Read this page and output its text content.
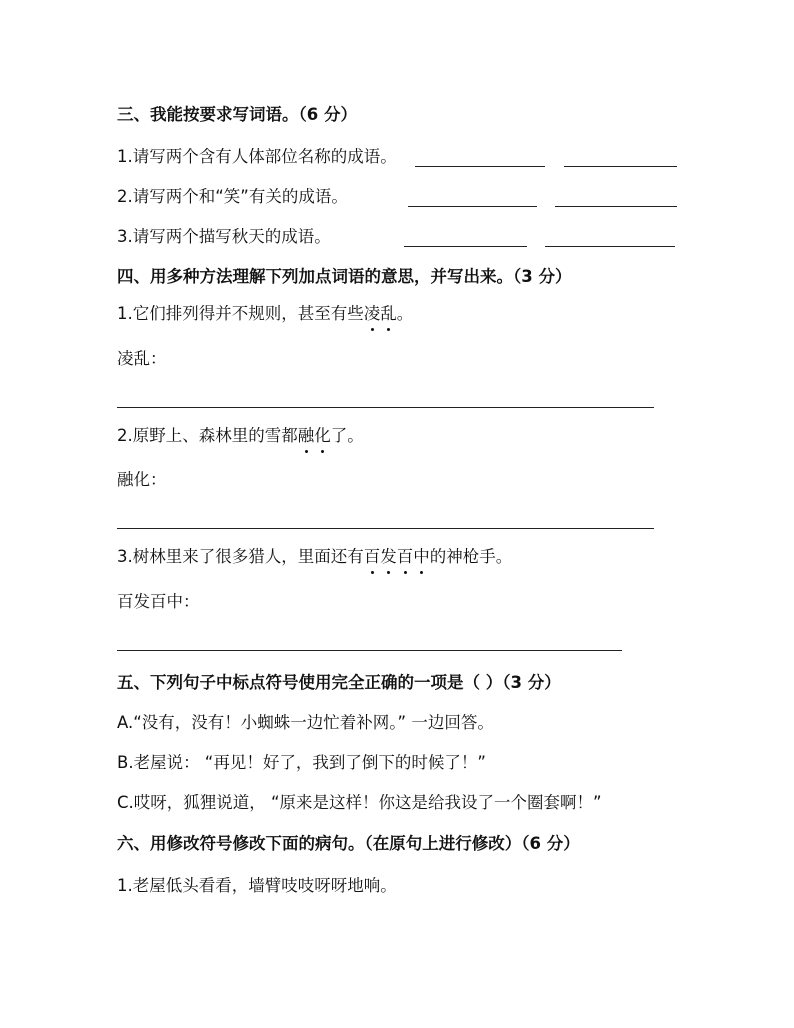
三、我能按要求写词语。（6 分）
1.请写两个含有人体部位名称的成语。
2.请写两个和“笑”有关的成语。
3.请写两个描写秋天的成语。
四、用多种方法理解下列加点词语的意思，并写出来。（3 分）
1.它们排列得并不规则，甚至有些凌乱。
凌乱：
2.原野上、森林里的雪都融化了。
融化：
3.树林里来了很多猎人，里面还有百发百中的神枪手。
百发百中：
五、下列句子中标点符号使用完全正确的一项是（ ）（3 分）
A.“没有，没有！小蜘蛛一边忙着补网。” 一边回答。
B.老屋说： “再见！好了，我到了倒下的时候了！”
C.哎呀，狐狸说道， “原来是这样！你这是给我设了一个圈套啊！”
六、用修改符号修改下面的病句。（在原句上进行修改）（6 分）
1.老屋低头看看，墙臂吱吱呀呀地响。
